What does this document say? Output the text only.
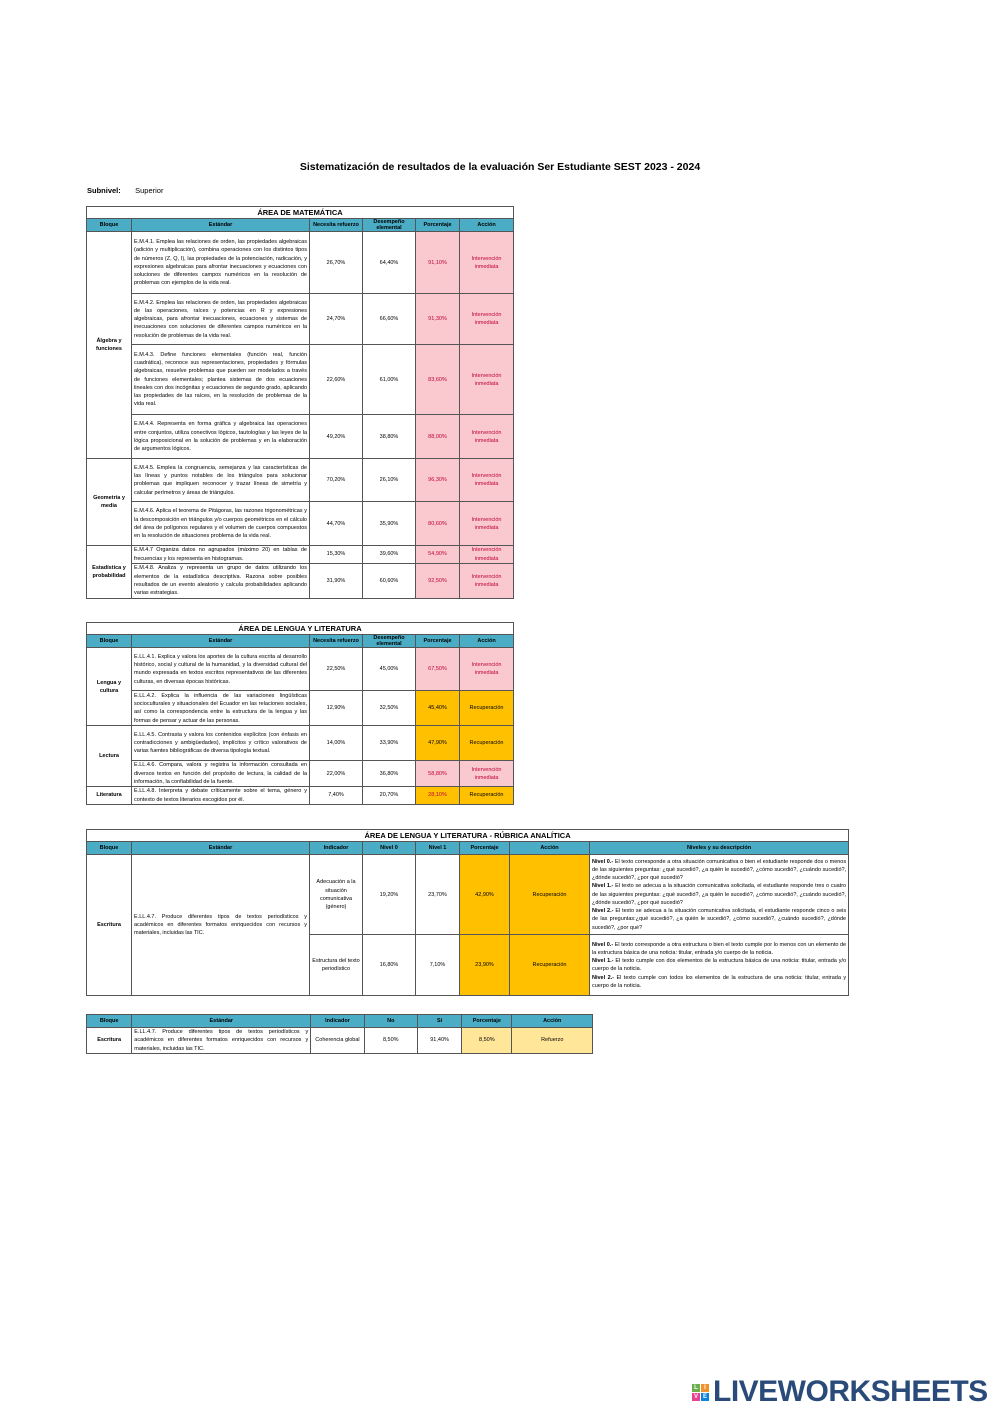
Sistematización de resultados de la evaluación Ser Estudiante SEST 2023 - 2024
Subnivel: Superior
ÁREA DE MATEMÁTICA					
Bloque	Estándar	Necesita refuerzo	Desempeño elemental	Porcentaje	Acción
Álgebra y funciones	E.M.4.1. Emplea las relaciones de orden, las propiedades algebraicas (adición y multiplicación), combina operaciones con los distintos tipos de números (Z, Q, I), las propiedades de la potenciación, radicación, y expresiones algebraicas para afrontar inecuaciones y ecuaciones con soluciones de diferentes campos numéricos en la resolución de problemas con ejemplos de la vida real.	26,70%	64,40%	91,10%	Intervención inmediata
	E.M.4.2. Emplea las relaciones de orden, las propiedades algebraicas de las operaciones, raíces y potencias en R y expresiones algebraicas, para afrontar inecuaciones, ecuaciones y sistemas de inecuaciones con soluciones de diferentes campos numéricos en la resolución de problemas de la vida real.	24,70%	66,60%	91,30%	Intervención inmediata
	E.M.4.3. Define funciones elementales (función real, función cuadrática), reconoce sus representaciones, propiedades y fórmulas algebraicas, resuelve problemas que pueden ser modelados a través de funciones elementales; plantea sistemas de dos ecuaciones lineales con dos incógnitas y ecuaciones de segundo grado, aplicando las propiedades de las raíces, en la resolución de problemas de la vida real.	22,60%	61,00%	83,60%	Intervención inmediata
	E.M.4.4. Representa en forma gráfica y algebraica las operaciones entre conjuntos, utiliza conectivos lógicos, tautologías y las leyes de la lógica proposicional en la solución de problemas y en la elaboración de argumentos lógicos.	49,20%	38,80%	88,00%	Intervención inmediata
Geometría y media	E.M.4.5. Emplea la congruencia, semejanza y las características de las líneas y puntos notables de los triángulos para solucionar problemas que impliquen reconocer y trazar líneas de simetría y calcular perímetros y áreas de triángulos.	70,20%	26,10%	96,30%	Intervención inmediata
	E.M.4.6. Aplica el teorema de Pitágoras, las razones trigonométricas y la descomposición en triángulos y/o cuerpos geométricos en el cálculo del área de polígonos regulares y el volumen de cuerpos compuestos en la resolución de situaciones problema de la vida real.	44,70%	35,90%	80,60%	Intervención inmediata
Estadística y probabilidad	E.M.4.7 Organiza datos no agrupados (máximo 20) en tablas de frecuencias y los representa en histogramas.	15,30%	39,60%	54,90%	Intervención inmediata
	E.M.4.8. Analiza y representa un grupo de datos utilizando los elementos de la estadística descriptiva. Razona sobre posibles resultados de un evento aleatorio y calcula probabilidades aplicando varias estrategias.	31,90%	60,60%	92,50%	Intervención inmediata
ÁREA DE LENGUA Y LITERATURA					
Bloque	Estándar	Necesita refuerzo	Desempeño elemental	Porcentaje	Acción
Lengua y cultura	E.LL.4.1. Explica y valora los aportes de la cultura escrita al desarrollo histórico, social y cultural de la humanidad, y la diversidad cultural del mundo expresada en textos escritos representativos de las diferentes culturas, en diversas épocas históricas.	22,50%	45,00%	67,50%	Intervención inmediata
	E.LL.4.2. Explica la influencia de las variaciones lingüísticas socioculturales y situacionales del Ecuador en las relaciones sociales, así como la correspondencia entre la estructura de la lengua y las formas de pensar y actuar de las personas.	12,90%	32,50%	45,40%	Recuperación
Lectura	E.LL.4.5. Contrasta y valora los contenidos explícitos (con énfasis en contradicciones y ambigüedades), implícitos y crítico valorativos de varias fuentes bibliográficas de diversa tipología textual.	14,00%	33,90%	47,90%	Recuperación
	E.LL.4.6. Compara, valora y registra la información consultada en diversos textos en función del propósito de lectura, la calidad de la información, la confiabilidad de la fuente.	22,00%	36,80%	58,80%	Intervención inmediata
Literatura	E.LL.4.8. Interpreta y debate críticamente sobre el tema, género y contexto de textos literarios escogidos por él.	7,40%	20,70%	28,10%	Recuperación
ÁREA DE LENGUA Y LITERATURA - RÚBRICA ANALÍTICA							
Bloque	Estándar	Indicador	Nivel 0	Nivel 1	Porcentaje	Acción	Niveles y su descripción
Escritura	E.LL.4.7. Produce diferentes tipos de textos periodísticos y académicos en diferentes formatos enriquecidos con recursos y materiales, incluidas las TIC.	Adecuación a la situación comunicativa (género)	19,20%	23,70%	42,90%	Recuperación	Nivel 0.- El texto corresponde a otra situación comunicativa o bien el estudiante responde dos o menos de las siguientes preguntas: ¿qué sucedió?, ¿a quién le sucedió?, ¿cómo sucedió?, ¿cuándo sucedió?, ¿dónde sucedió?, ¿por qué sucedió?
Nivel 1.- El texto se adecua a la situación comunicativa solicitada, el estudiante responde tres o cuatro de las siguientes preguntas: ¿qué sucedió?, ¿a quién le sucedió?, ¿cómo sucedió?, ¿cuándo sucedió?, ¿dónde sucedió?, ¿por qué sucedió?
Nivel 2.- El texto se adecua a la situación comunicativa solicitada, el estudiante responde cinco o seis de las preguntas:¿qué sucedió?, ¿a quién le sucedió?, ¿cómo sucedió?, ¿cuándo sucedió?, ¿dónde sucedió?, ¿por qué?
		Estructura del texto periodístico	16,80%	7,10%	23,90%	Recuperación	Nivel 0.- El texto corresponde a otra estructura o bien el texto cumple por lo menos con un elemento de la estructura básica de una noticia: titular, entrada y/o cuerpo de la noticia.
Nivel 1.- El texto cumple con dos elementos de la estructura básica de una noticia: titular, entrada y/o cuerpo de la noticia.
Nivel 2.- El texto cumple con todos los elementos de la estructura de una noticia: titular, entrada y cuerpo de la noticia.
Bloque	Estándar	Indicador	No	Sí	Porcentaje	Acción
Escritura	E.LL.4.7. Produce diferentes tipos de textos periodísticos y académicos en diferentes formatos enriquecidos con recursos y materiales, incluidas las TIC.	Coherencia global	8,50%	91,40%	8,50%	Refuerzo
L	I
V E LIVEWORKSHEETS
